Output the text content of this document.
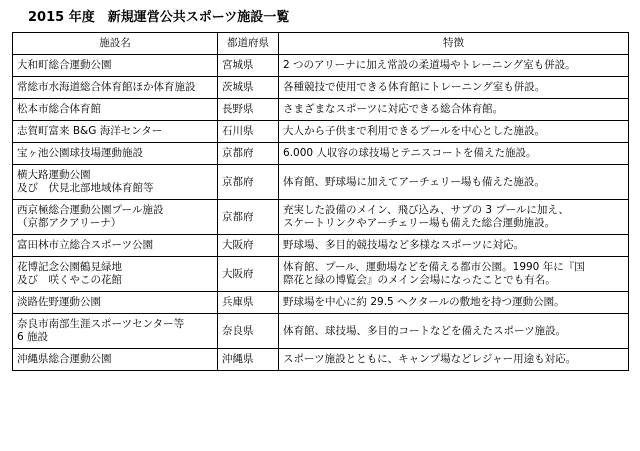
2015 年度　新規運営公共スポーツ施設一覧
施設名	都道府県	特徴

大和町総合運動公園	宮城県	2 つのアリーナに加え常設の柔道場やトレーニング室も併設。

常総市水海道総合体育館ほか体育施設	茨城県	各種競技で使用できる体育館にトレーニング室も併設。

松本市総合体育館	長野県	さまざまなスポーツに対応できる総合体育館。

志賀町富来 B&G 海洋センター	石川県	大人から子供まで利用できるプールを中心とした施設。

宝ヶ池公園球技場運動施設	京都府	6.000 人収容の球技場とテニスコートを備えた施設。

横大路運動公園
及び　伏見北部地域体育館等	京都府	体育館、野球場に加えてアーチェリー場も備えた施設。

西京極総合運動公園プール施設
（京都アクアリーナ）	京都府	充実した設備のメイン、飛び込み、サブの 3 プールに加え、
スケートリンクやアーチェリー場も備えた総合運動施設。

富田林市立総合スポーツ公園	大阪府	野球場、多目的競技場など多様なスポーツに対応。

花博記念公園鶴見緑地
及び　咲くやこの花館	大阪府	体育館、プール、運動場などを備える都市公園。1990 年に『国
際花と緑の博覧会』のメイン会場になったことでも有名。

淡路佐野運動公園	兵庫県	野球場を中心に約 29.5 ヘクタールの敷地を持つ運動公園。

奈良市南部生涯スポーツセンター等
6 施設	奈良県	体育館、球技場、多目的コートなどを備えたスポーツ施設。

沖縄県総合運動公園	沖縄県	スポーツ施設とともに、キャンプ場などレジャー用途も対応。
